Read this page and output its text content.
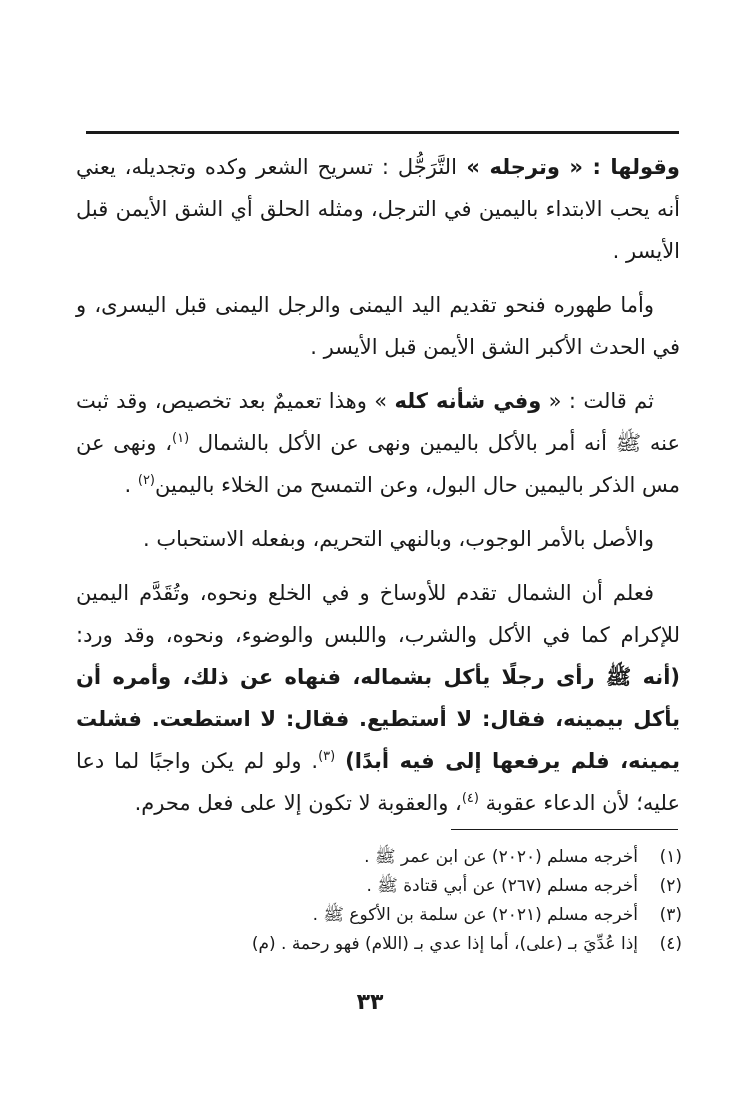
وقولها : « وترجله » التَّرَجُّل : تسريح الشعر وكده وتجديله، يعني أنه يحب الابتداء باليمين في الترجل، ومثله الحلق أي الشق الأيمن قبل الأيسر .

وأما طهوره فنحو تقديم اليد اليمنى والرجل اليمنى قبل اليسرى، و في الحدث الأكبر الشق الأيمن قبل الأيسر .

ثم قالت : « وفي شأنه كله » وهذا تعميمٌ بعد تخصيص، وقد ثبت عنه ﷺ أنه أمر بالأكل باليمين ونهى عن الأكل بالشمال $^{(١)}$، ونهى عن مس الذكر باليمين حال البول، وعن التمسح من الخلاء باليمين$^{(٢)}$ .

والأصل بالأمر الوجوب، وبالنهي التحريم، وبفعله الاستحباب .

فعلم أن الشمال تقدم للأوساخ و في الخلع ونحوه، وتُقَدَّم اليمين للإكرام كما في الأكل والشرب، واللبس والوضوء، ونحوه، وقد ورد: (أنه ﷺ رأى رجلًا يأكل بشماله، فنهاه عن ذلك، وأمره أن يأكل بيمينه، فقال: لا أستطيع. فقال: لا استطعت. فشلت يمينه، فلم يرفعها إلى فيه أبدًا) $^{(٣)}$. ولو لم يكن واجبًا لما دعا عليه؛ لأن الدعاء عقوبة $^{(٤)}$، والعقوبة لا تكون إلا على فعل محرم.

(١)
أخرجه مسلم (٢٠٢٠) عن ابن عمر ﷺ .
(٢)
أخرجه مسلم (٢٦٧) عن أبي قتادة ﷺ .
(٣)
أخرجه مسلم (٢٠٢١) عن سلمة بن الأكوع ﷺ .
(٤)
إذا عُدِّيَ بـ (على)، أما إذا عدي بـ (اللام) فهو رحمة . (م)
٣٣
